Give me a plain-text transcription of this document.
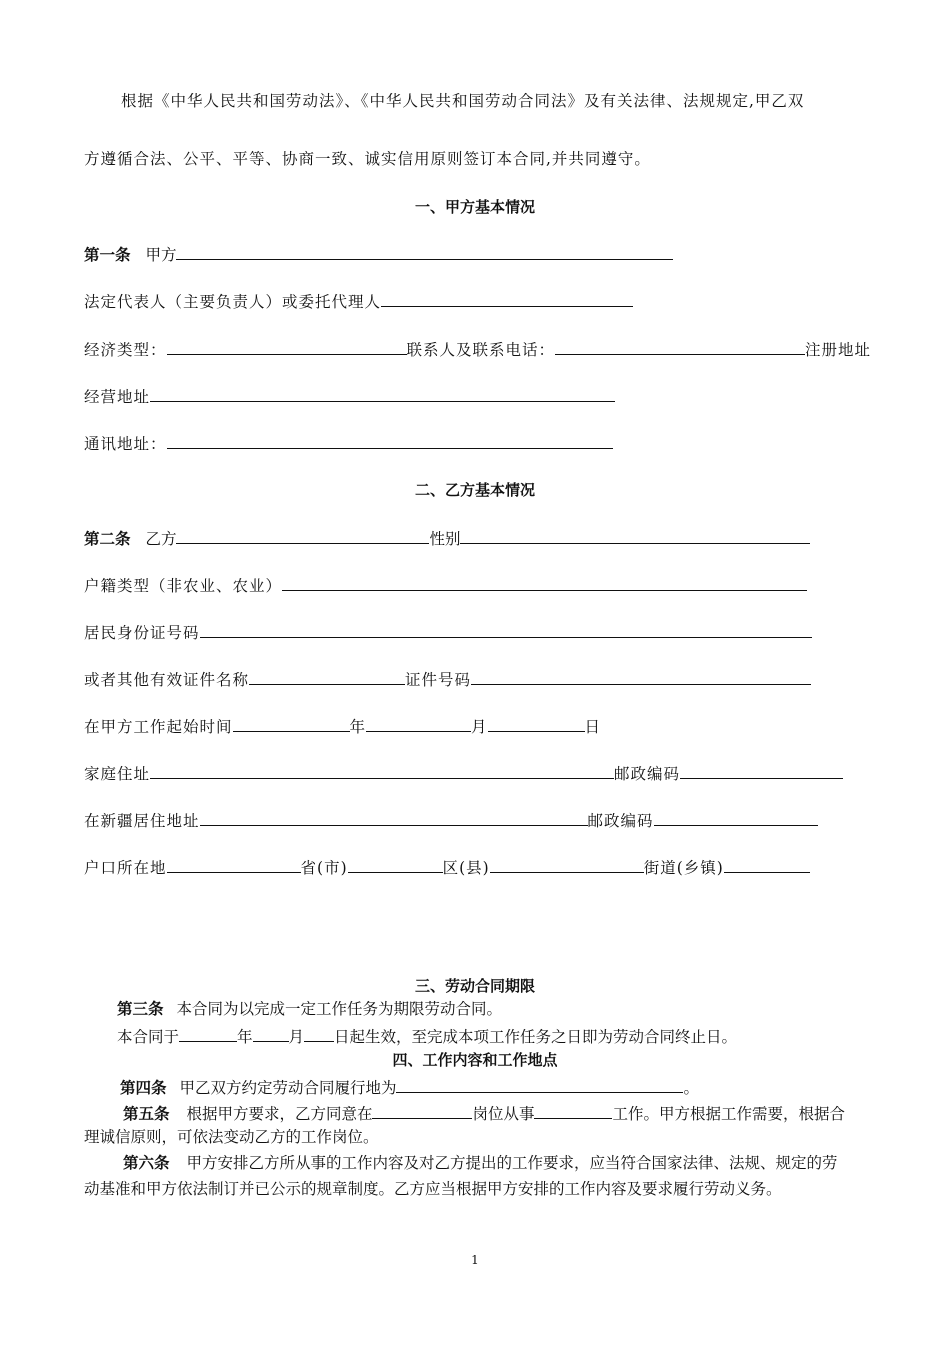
根据《中华人民共和国劳动法》、《中华人民共和国劳动合同法》及有关法律、法规规定,甲乙双
方遵循合法、公平、平等、协商一致、诚实信用原则签订本合同,并共同遵守。
一、甲方基本情况
第一条 甲方
法定代表人（主要负责人）或委托代理人
经济类型：	联系人及联系电话：	注册地址
经营地址
通讯地址：
二、乙方基本情况
第二条 乙方	性别
户籍类型（非农业、农业）
居民身份证号码
或者其他有效证件名称	证件号码
在甲方工作起始时间	年	月	日
家庭住址	邮政编码
在新疆居住地址	邮政编码
户口所在地	省(市)	区(县)	街道(乡镇)
三、劳动合同期限
第三条 本合同为以完成一定工作任务为期限劳动合同。
本合同于	年 月 日起生效，至完成本项工作任务之日即为劳动合同终止日。
四、工作内容和工作地点
第四条 甲乙双方约定劳动合同履行地为	。
第五条 根据甲方要求，乙方同意在	岗位从事	工作。甲方根据工作需要，根据合
理诚信原则，可依法变动乙方的工作岗位。
第六条 甲方安排乙方所从事的工作内容及对乙方提出的工作要求，应当符合国家法律、法规、规定的劳
动基准和甲方依法制订并已公示的规章制度。乙方应当根据甲方安排的工作内容及要求履行劳动义务。
1
